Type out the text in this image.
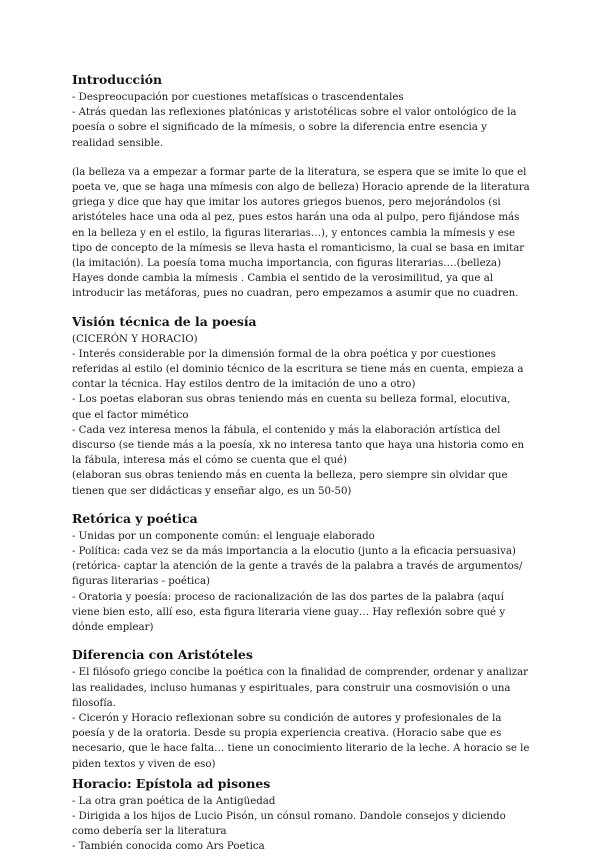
Introducción

- Despreocupación por cuestiones metafísicas o trascendentales

- Atrás quedan las reflexiones platónicas y aristotélicas sobre el valor ontológico de la poesía o sobre el significado de la mímesis, o sobre la diferencia entre esencia y realidad sensible.

(la belleza va a empezar a formar parte de la literatura, se espera que se imite lo que el poeta ve, que se haga una mímesis con algo de belleza) Horacio aprende de la literatura griega y dice que hay que imitar los autores griegos buenos, pero mejorándolos (si aristóteles hace una oda al pez, pues estos harán una oda al pulpo, pero fijándose más en la belleza y en el estilo, la figuras literarias…), y entonces cambia la mímesis y ese tipo de concepto de la mímesis se lleva hasta el romanticismo, la cual se basa en imitar (la imitación). La poesía toma mucha importancia, con figuras literarias….(belleza) Hayes donde cambia la mímesis . Cambia el sentido de la verosimilitud, ya que al introducir las metáforas, pues no cuadran, pero empezamos a asumir que no cuadren.

Visión técnica de la poesía

(CICERÓN Y HORACIO)

- Interés considerable por la dimensión formal de la obra poética y por cuestiones referidas al estilo (el dominio técnico de la escritura se tiene más en cuenta, empieza a contar la técnica. Hay estilos dentro de la imitación de uno a otro)

- Los poetas elaboran sus obras teniendo más en cuenta su belleza formal, elocutiva, que el factor mimético

- Cada vez interesa menos la fábula, el contenido y más la elaboración artística del discurso (se tiende más a la poesía, xk no interesa tanto que haya una historia como en la fábula, interesa más el cómo se cuenta que el qué)

(elaboran sus obras teniendo más en cuenta la belleza, pero siempre sin olvidar que tienen que ser didácticas y enseñar algo, es un 50-50)

Retórica y poética

- Unidas por un componente común: el lenguaje elaborado

- Política: cada vez se da más importancia a la elocutio (junto a la eficacia persuasiva)

(retórica- captar la atención de la gente a través de la palabra a través de argumentos/ figuras literarias - poética)

- Oratoria y poesía: proceso de racionalización de las dos partes de la palabra (aquí viene bien esto, allí eso, esta figura literaria viene guay… Hay reflexión sobre qué y dónde emplear)

Diferencia con Aristóteles

- El filósofo griego concibe la poética con la finalidad de comprender, ordenar y analizar las realidades, incluso humanas y espirituales, para construir una cosmovisión o una filosofía.

- Cicerón y Horacio reflexionan sobre su condición de autores y profesionales de la poesía y de la oratoria. Desde su propia experiencia creativa. (Horacio sabe que es necesario, que le hace falta… tiene un conocimiento literario de la leche. A horacio se le piden textos y viven de eso)

Horacio: Epístola ad pisones

- La otra gran poética de la Antigüedad

- Dirigida a los hijos de Lucio Pisón, un cónsul romano. Dandole consejos y diciendo como debería ser la literatura

- También conocida como Ars Poetica
